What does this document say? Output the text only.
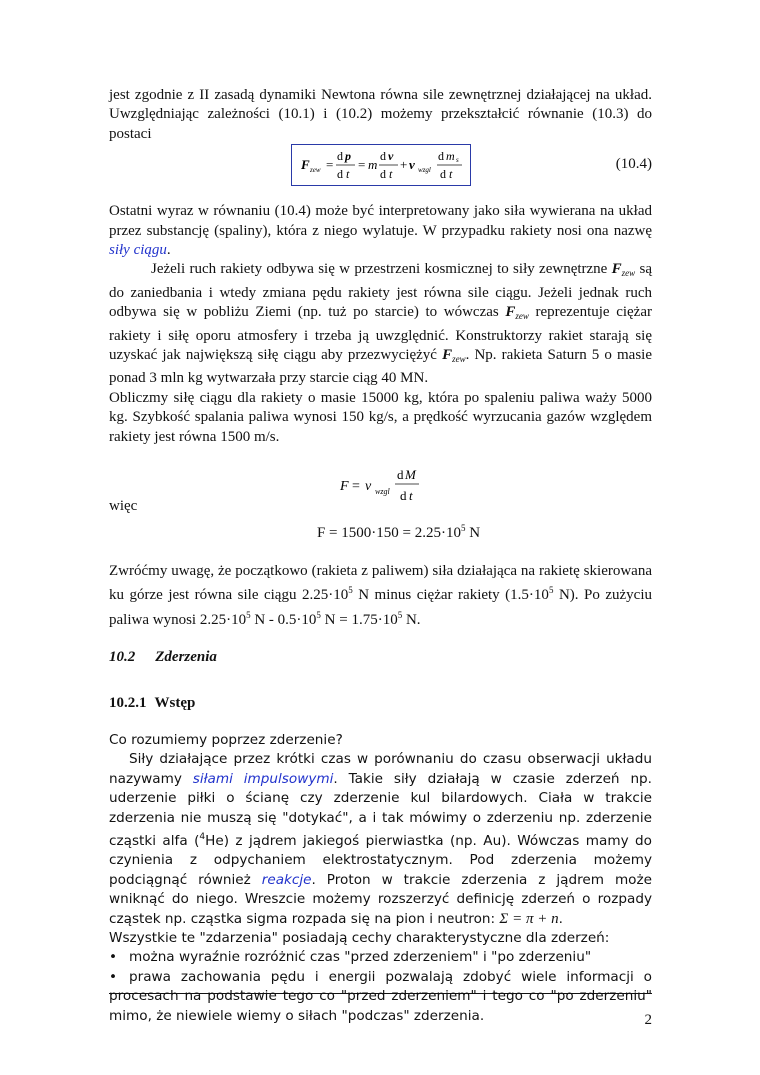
jest zgodnie z II zasadą dynamiki Newtona równa sile zewnętrznej działającej na układ. Uwzględniając zależności (10.1) i (10.2) możemy przekształcić równanie (10.3) do postaci

F zew =
d p
d t
= m
d v
d t
+ v wzgl
d m s
d t
(10.4)

Ostatni wyraz w równaniu (10.4) może być interpretowany jako siła wywierana na układ przez substancję (spaliny), która z niego wylatuje. W przypadku rakiety nosi ona nazwę siły ciągu.

Jeżeli ruch rakiety odbywa się w przestrzeni kosmicznej to siły zewnętrzne $F_{zew}$ są do zaniedbania i wtedy zmiana pędu rakiety jest równa sile ciągu. Jeżeli jednak ruch odbywa się w pobliżu Ziemi (np. tuż po starcie) to wówczas $F_{zew}$ reprezentuje ciężar rakiety i siłę oporu atmosfery i trzeba ją uwzględnić. Konstruktorzy rakiet starają się uzyskać jak największą siłę ciągu aby przezwyciężyć $F_{zew}$. Np. rakieta Saturn 5 o masie ponad 3 mln kg wytwarzała przy starcie ciąg 40 MN.

Obliczmy siłę ciągu dla rakiety o masie 15000 kg, która po spaleniu paliwa waży 5000 kg. Szybkość spalania paliwa wynosi 150 kg/s, a prędkość wyrzucania gazów względem rakiety jest równa 1500 m/s.

F = v wzgl
d M
d t

więc

$F = 1500\cdot 150 = 2.25\cdot 10^5$ N

Zwróćmy uwagę, że początkowo (rakieta z paliwem) siła działająca na rakietę skierowana ku górze jest równa sile ciągu $2.25\cdot 10^5$ N minus ciężar rakiety ($1.5\cdot 10^5$ N). Po zużyciu paliwa wynosi $2.25\cdot 10^5$ $N - 0.5\cdot 10^5$ $N = 1.75\cdot 10^5$ N.

10.2 Zderzenia

10.2.1 Wstęp

Co rozumiemy poprzez zderzenie?

Siły działające przez krótki czas w porównaniu do czasu obserwacji układu nazywamy siłami impulsowymi. Takie siły działają w czasie zderzeń np. uderzenie piłki o ścianę czy zderzenie kul bilardowych. Ciała w trakcie zderzenia nie muszą się "dotykać", a i tak mówimy o zderzeniu np. zderzenie cząstki alfa ($^4$He) z jądrem jakiegoś pierwiastka (np. Au). Wówczas mamy do czynienia z odpychaniem elektrostatycznym. Pod zderzenia możemy podciągnąć również reakcje. Proton w trakcie zderzenia z jądrem może wniknąć do niego. Wreszcie możemy rozszerzyć definicję zderzeń o rozpady cząstek np. cząstka sigma rozpada się na pion i neutron: Σ = π + n.

Wszystkie te "zdarzenia" posiadają cechy charakterystyczne dla zderzeń:

• można wyraźnie rozróżnić czas "przed zderzeniem" i "po zderzeniu"

• prawa zachowania pędu i energii pozwalają zdobyć wiele informacji o procesach na podstawie tego co "przed zderzeniem" i tego co "po zderzeniu" mimo, że niewiele wiemy o siłach "podczas" zderzenia.	2
